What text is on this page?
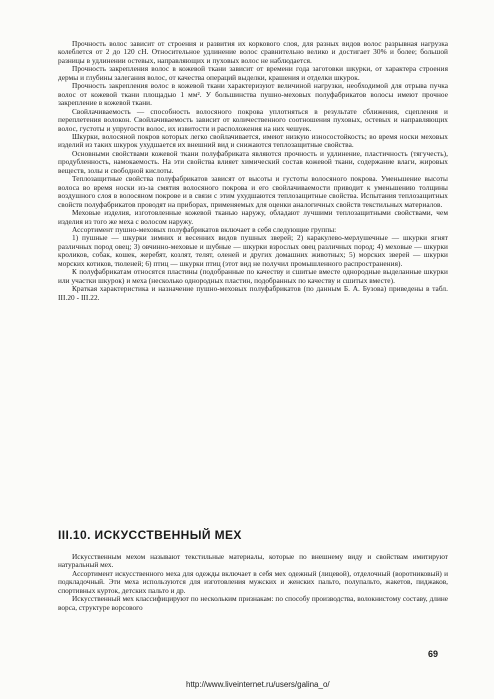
Прочность волос зависит от строения и развития их коркового слоя, для разных видов волос разрывная нагрузка колеблется от 2 до 120 сН. Относительное удлинение волос сравнительно велико и достигает 30% и более; большой разницы в удлинении остевых, направляющих и пуховых волос не наблюдается.

Прочность закрепления волос в кожевой ткани зависит от времени года заготовки шкурки, от характера строения дермы и глубины залегания волос, от качества операций выделки, крашения и отделки шкурок.

Прочность закрепления волос в кожевой ткани характеризуют величиной нагрузки, необходимой для отрыва пучка волос от кожевой ткани площадью 1 мм². У большинства пушно-меховых полуфабрикатов волосы имеют прочное закрепление в кожевой ткани.

Свойлачиваемость — способность волосяного покрова уплотняться в результате сближения, сцепления и переплетения волокон. Свойлачиваемость зависит от количественного соотношения пуховых, остевых и направляющих волос, густоты и упругости волос, их извитости и расположения на них чешуек.

Шкурки, волосяной покров которых легко свойлачивается, имеют низкую износостойкость; во время носки меховых изделий из таких шкурок ухудшается их внешний вид и снижаются теплозащитные свойства.

Основными свойствами кожевой ткани полуфабриката являются прочность и удлинение, пластичность (тягучесть), продубленность, намокаемость. На эти свойства влияет химический состав кожевой ткани, содержание влаги, жировых веществ, золы и свободной кислоты.

Теплозащитные свойства полуфабрикатов зависят от высоты и густоты волосяного покрова. Уменьшение высоты волоса во время носки из-за смятия волосяного покрова и его свойлачиваемости приводит к уменьшению толщины воздушного слоя в волосяном покрове и в связи с этим ухудшаются теплозащитные свойства. Испытания теплозащитных свойств полуфабрикатов проводят на приборах, применяемых для оценки аналогичных свойств текстильных материалов.

Меховые изделия, изготовленные кожевой тканью наружу, обладают лучшими теплозащитными свойствами, чем изделия из того же меха с волосом наружу.

Ассортимент пушно-меховых полуфабрикатов включает в себя следующие группы:

1) пушные — шкурки зимних и весенних видов пушных зверей; 2) каракулево-мерлушечные — шкурки ягнят различных пород овец; 3) овчинно-меховые и шубные — шкурки взрослых овец различных пород; 4) меховые — шкурки кроликов, собак, кошек, жеребят, козлят, телят, оленей и других домашних животных; 5) морских зверей — шкурки морских котиков, тюленей; 6) птиц — шкурки птиц (этот вид не получил промышленного распространения).

К полуфабрикатам относятся пластины (подобранные по качеству и сшитые вместе однородные выделанные шкурки или участки шкурок) и меха (несколько однородных пластин, подобранных по качеству и сшитых вместе).

Краткая характеристика и назначение пушно-меховых полуфабрикатов (по данным Б. А. Бузова) приведены в табл. III.20 - III.22.

III.10. ИСКУССТВЕННЫЙ МЕХ

Искусственным мехом называют текстильные материалы, которые по внешнему виду и свойствам имитируют натуральный мех.

Ассортимент искусственного меха для одежды включает в себя мех одежный (лицевой), отделочный (воротниковый) и подкладочный. Эти меха используются для изготовления мужских и женских пальто, полупальто, жакетов, пиджаков, спортивных курток, детских пальто и др.

Искусственный мех классифицируют по нескольким признакам: по способу производства, волокнистому составу, длине ворса, структуре ворсового

69
http://www.liveinternet.ru/users/galina_o/
